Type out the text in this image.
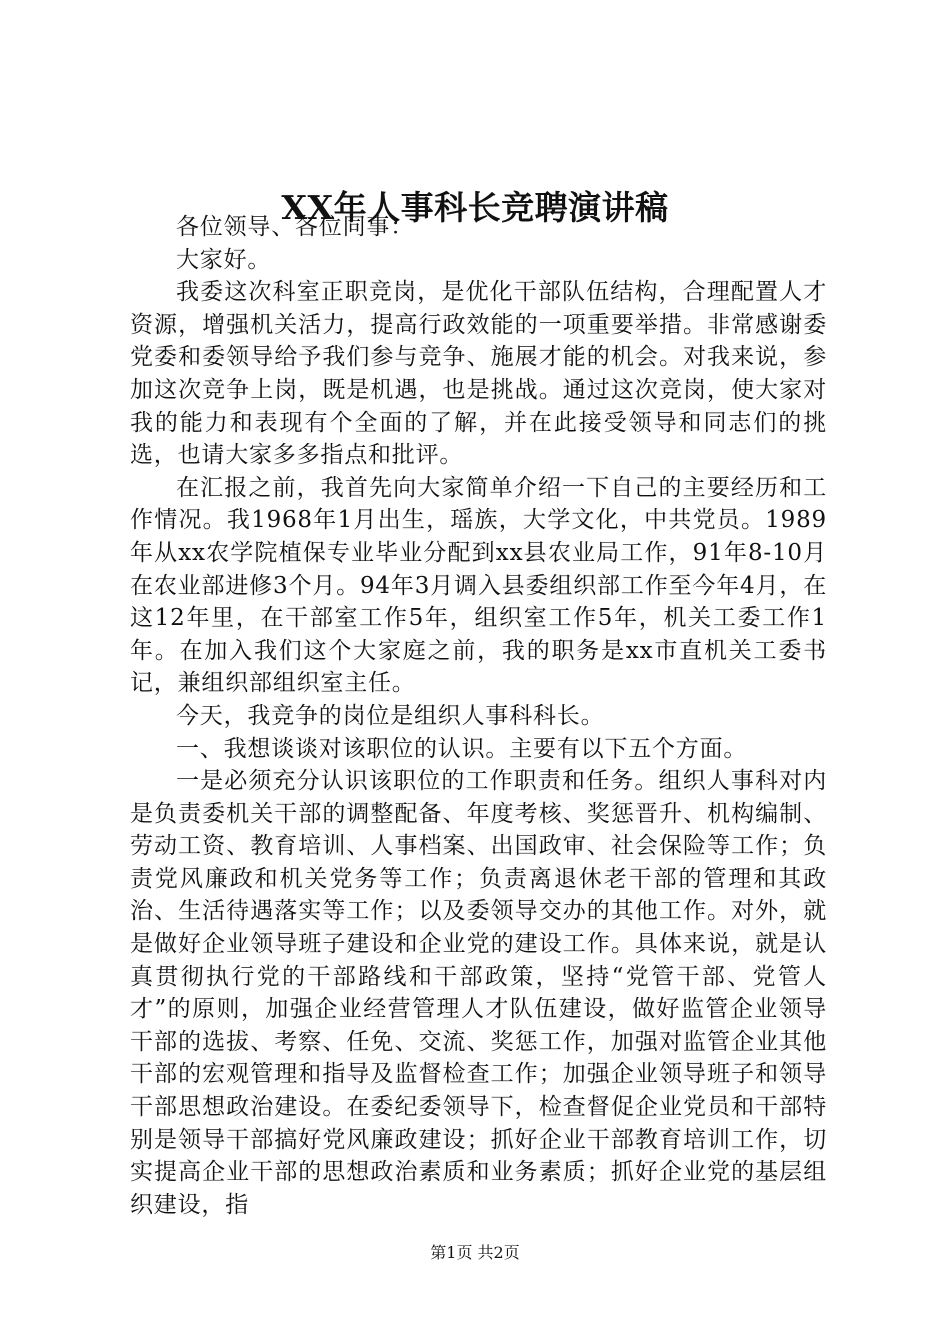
XX年人事科长竞聘演讲稿

各位领导、各位同事：

大家好。

我委这次科室正职竞岗，是优化干部队伍结构，合理配置人才资源，增强机关活力，提高行政效能的一项重要举措。非常感谢委党委和委领导给予我们参与竞争、施展才能的机会。对我来说，参加这次竞争上岗，既是机遇，也是挑战。通过这次竞岗，使大家对我的能力和表现有个全面的了解，并在此接受领导和同志们的挑选，也请大家多多指点和批评。

在汇报之前，我首先向大家简单介绍一下自己的主要经历和工作情况。我1968年1月出生，瑶族，大学文化，中共党员。1989年从xx农学院植保专业毕业分配到xx县农业局工作，91年8-10月在农业部进修3个月。94年3月调入县委组织部工作至今年4月，在这12年里，在干部室工作5年，组织室工作5年，机关工委工作1年。在加入我们这个大家庭之前，我的职务是xx市直机关工委书记，兼组织部组织室主任。

今天，我竞争的岗位是组织人事科科长。

一、我想谈谈对该职位的认识。主要有以下五个方面。

一是必须充分认识该职位的工作职责和任务。组织人事科对内是负责委机关干部的调整配备、年度考核、奖惩晋升、机构编制、劳动工资、教育培训、人事档案、出国政审、社会保险等工作；负责党风廉政和机关党务等工作；负责离退休老干部的管理和其政治、生活待遇落实等工作；以及委领导交办的其他工作。对外，就是做好企业领导班子建设和企业党的建设工作。具体来说，就是认真贯彻执行党的干部路线和干部政策，坚持“党管干部、党管人才”的原则，加强企业经营管理人才队伍建设，做好监管企业领导干部的选拔、考察、任免、交流、奖惩工作，加强对监管企业其他干部的宏观管理和指导及监督检查工作；加强企业领导班子和领导干部思想政治建设。在委纪委领导下，检查督促企业党员和干部特别是领导干部搞好党风廉政建设；抓好企业干部教育培训工作，切实提高企业干部的思想政治素质和业务素质；抓好企业党的基层组织建设，指

第1页 共2页
